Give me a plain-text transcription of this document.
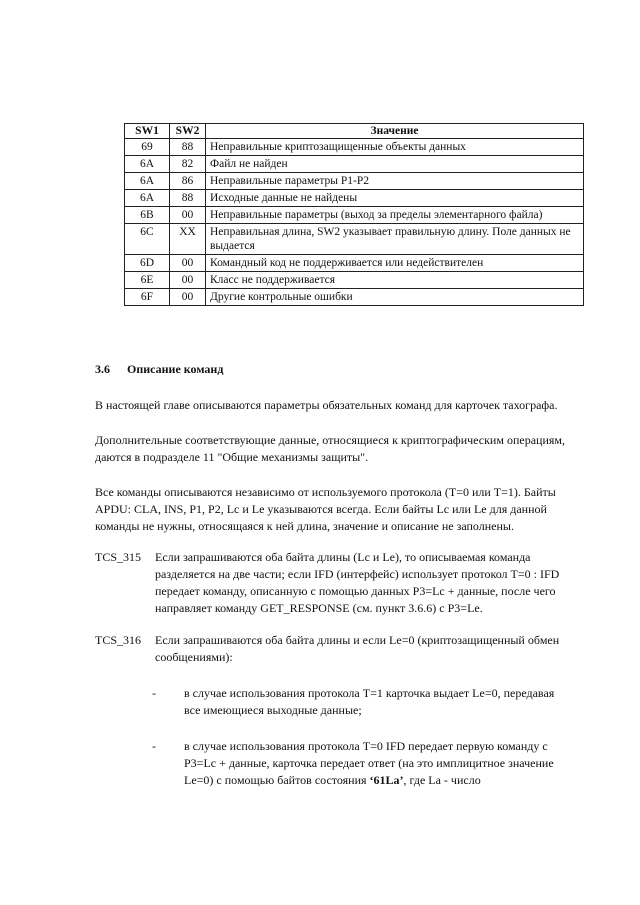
SW1	SW2	Значение
69	88	Неправильные криптозащищенные объекты данных
6A	82	Файл не найден
6A	86	Неправильные параметры P1-P2
6A	88	Исходные данные не найдены
6B	00	Неправильные параметры (выход за пределы элементарного файла)
6C	XX	Неправильная длина, SW2 указывает правильную длину. Поле данных не выдается
6D	00	Командный код не поддерживается или недействителен
6E	00	Класс не поддерживается
6F	00	Другие контрольные ошибки
3.6 Описание команд
В настоящей главе описываются параметры обязательных команд для карточек тахографа.
Дополнительные соответствующие данные, относящиеся к криптографическим операциям, даются в подразделе 11 "Общие механизмы защиты".
Все команды описываются независимо от используемого протокола (T=0 или T=1). Байты APDU: CLA, INS, P1, P2, Lc и Le указываются всегда. Если байты Lc или Le для данной команды не нужны, относящаяся к ней длина, значение и описание не заполнены.
TCS_315 Если запрашиваются оба байта длины (Lc и Le), то описываемая команда разделяется на две части; если IFD (интерфейс) использует протокол T=0 : IFD передает команду, описанную с помощью данных P3=Lc + данные, после чего направляет команду GET_RESPONSE (см. пункт 3.6.6) с P3=Le.
TCS_316 Если запрашиваются оба байта длины и если Le=0 (криптозащищенный обмен сообщениями):
- в случае использования протокола T=1 карточка выдает Le=0, передавая все имеющиеся выходные данные;
- в случае использования протокола T=0 IFD передает первую команду с P3=Lc + данные, карточка передает ответ (на это имплицитное значение Le=0) с помощью байтов состояния ‘61La’, где La - число
